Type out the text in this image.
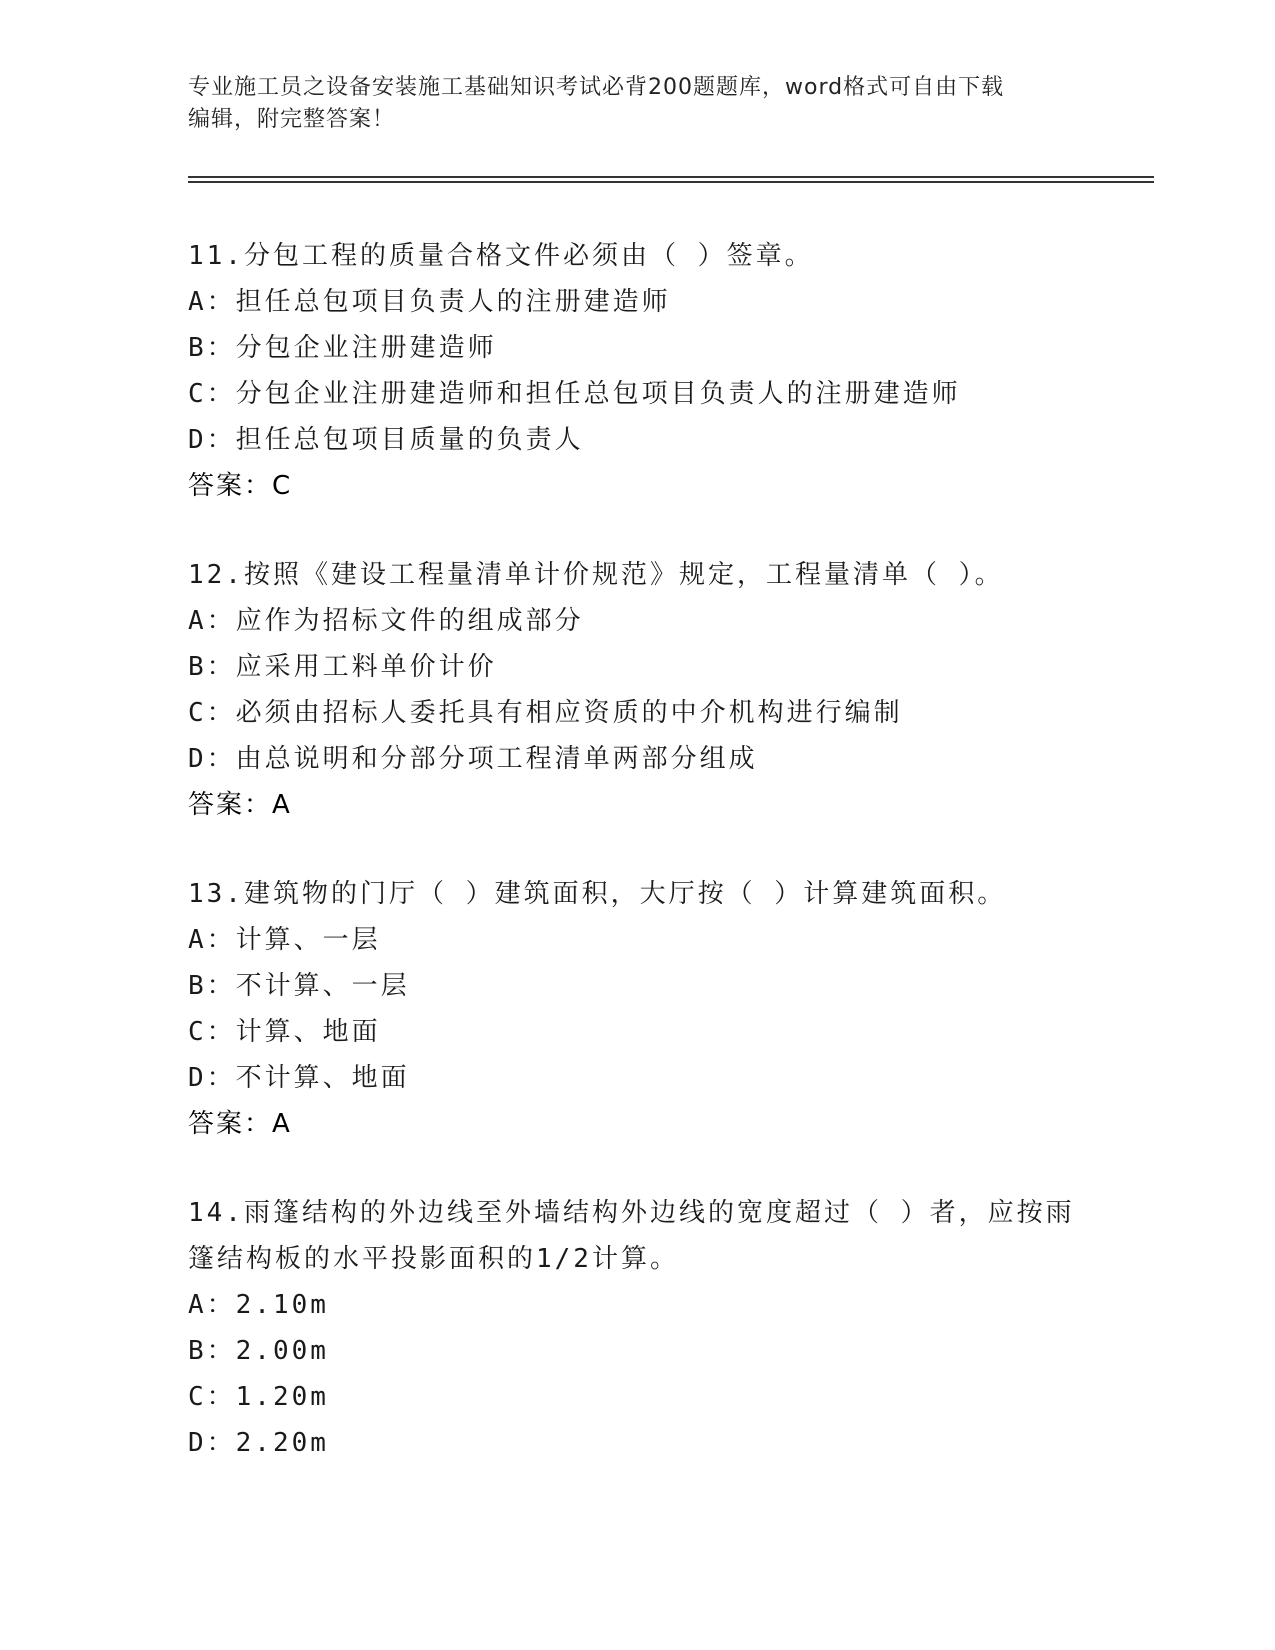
专业施工员之设备安装施工基础知识考试必背200题题库，word格式可自由下载
编辑，附完整答案！
11.分包工程的质量合格文件必须由（ ）签章。
A：担任总包项目负责人的注册建造师
B：分包企业注册建造师
C：分包企业注册建造师和担任总包项目负责人的注册建造师
D：担任总包项目质量的负责人
答案：C
12.按照《建设工程量清单计价规范》规定，工程量清单（ ）。
A：应作为招标文件的组成部分
B：应采用工料单价计价
C：必须由招标人委托具有相应资质的中介机构进行编制
D：由总说明和分部分项工程清单两部分组成
答案：A
13.建筑物的门厅（ ）建筑面积，大厅按（ ）计算建筑面积。
A：计算、一层
B：不计算、一层
C：计算、地面
D：不计算、地面
答案：A
14.雨篷结构的外边线至外墙结构外边线的宽度超过（ ）者，应按雨
篷结构板的水平投影面积的1/2计算。
A：2.10m
B：2.00m
C：1.20m
D：2.20m
